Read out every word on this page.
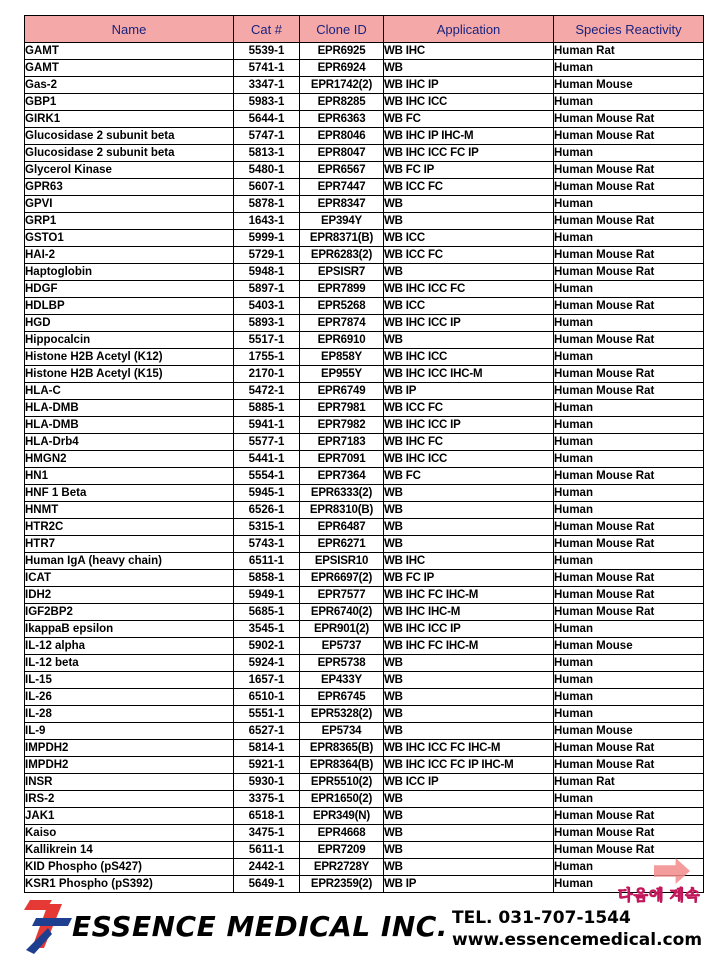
Name	Cat #	Clone ID	Application	Species Reactivity
GAMT	5539-1	EPR6925	WB IHC	Human Rat
GAMT	5741-1	EPR6924	WB	Human
Gas-2	3347-1	EPR1742(2)	WB IHC IP	Human Mouse
GBP1	5983-1	EPR8285	WB IHC ICC	Human
GIRK1	5644-1	EPR6363	WB FC	Human Mouse Rat
Glucosidase 2 subunit beta	5747-1	EPR8046	WB IHC IP IHC-M	Human Mouse Rat
Glucosidase 2 subunit beta	5813-1	EPR8047	WB IHC ICC FC IP	Human
Glycerol Kinase	5480-1	EPR6567	WB FC IP	Human Mouse Rat
GPR63	5607-1	EPR7447	WB ICC FC	Human Mouse Rat
GPVI	5878-1	EPR8347	WB	Human
GRP1	1643-1	EP394Y	WB	Human Mouse Rat
GSTO1	5999-1	EPR8371(B)	WB ICC	Human
HAI-2	5729-1	EPR6283(2)	WB ICC FC	Human Mouse Rat
Haptoglobin	5948-1	EPSISR7	WB	Human Mouse Rat
HDGF	5897-1	EPR7899	WB IHC ICC FC	Human
HDLBP	5403-1	EPR5268	WB ICC	Human Mouse Rat
HGD	5893-1	EPR7874	WB IHC ICC IP	Human
Hippocalcin	5517-1	EPR6910	WB	Human Mouse Rat
Histone H2B Acetyl (K12)	1755-1	EP858Y	WB IHC ICC	Human
Histone H2B Acetyl (K15)	2170-1	EP955Y	WB IHC ICC IHC-M	Human Mouse Rat
HLA-C	5472-1	EPR6749	WB IP	Human Mouse Rat
HLA-DMB	5885-1	EPR7981	WB ICC FC	Human
HLA-DMB	5941-1	EPR7982	WB IHC ICC IP	Human
HLA-Drb4	5577-1	EPR7183	WB IHC FC	Human
HMGN2	5441-1	EPR7091	WB IHC ICC	Human
HN1	5554-1	EPR7364	WB FC	Human Mouse Rat
HNF 1 Beta	5945-1	EPR6333(2)	WB	Human
HNMT	6526-1	EPR8310(B)	WB	Human
HTR2C	5315-1	EPR6487	WB	Human Mouse Rat
HTR7	5743-1	EPR6271	WB	Human Mouse Rat
Human IgA (heavy chain)	6511-1	EPSISR10	WB IHC	Human
ICAT	5858-1	EPR6697(2)	WB FC IP	Human Mouse Rat
IDH2	5949-1	EPR7577	WB IHC FC IHC-M	Human Mouse Rat
IGF2BP2	5685-1	EPR6740(2)	WB IHC IHC-M	Human Mouse Rat
IkappaB epsilon	3545-1	EPR901(2)	WB IHC ICC IP	Human
IL-12 alpha	5902-1	EP5737	WB IHC FC IHC-M	Human Mouse
IL-12 beta	5924-1	EPR5738	WB	Human
IL-15	1657-1	EP433Y	WB	Human
IL-26	6510-1	EPR6745	WB	Human
IL-28	5551-1	EPR5328(2)	WB	Human
IL-9	6527-1	EP5734	WB	Human Mouse
IMPDH2	5814-1	EPR8365(B)	WB IHC ICC FC IHC-M	Human Mouse Rat
IMPDH2	5921-1	EPR8364(B)	WB IHC ICC FC IP IHC-M	Human Mouse Rat
INSR	5930-1	EPR5510(2)	WB ICC IP	Human Rat
IRS-2	3375-1	EPR1650(2)	WB	Human
JAK1	6518-1	EPR349(N)	WB	Human Mouse Rat
Kaiso	3475-1	EPR4668	WB	Human Mouse Rat
Kallikrein 14	5611-1	EPR7209	WB	Human Mouse Rat
KID Phospho (pS427)	2442-1	EPR2728Y	WB	Human
KSR1 Phospho (pS392)	5649-1	EPR2359(2)	WB IP	Human
다음에 계속
ESSENCE MEDICAL INC. TEL. 031-707-1544
www.essencemedical.com
